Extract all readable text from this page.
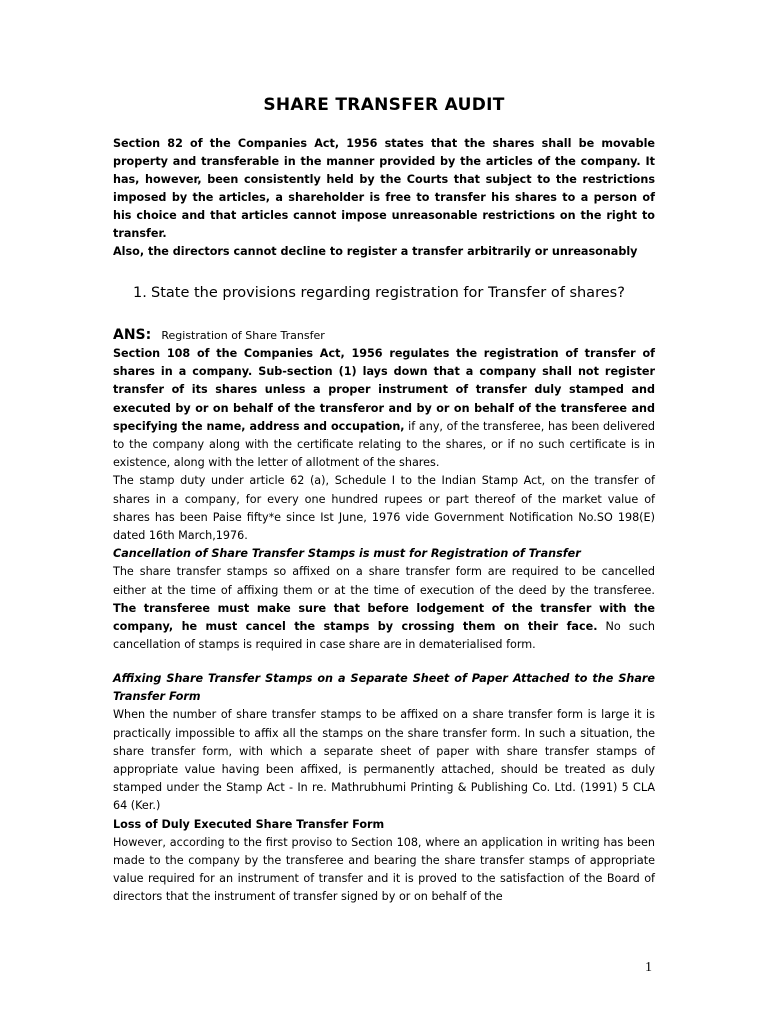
SHARE TRANSFER AUDIT

Section 82 of the Companies Act, 1956 states that the shares shall be movable property and transferable in the manner provided by the articles of the company. It has, however, been consistently held by the Courts that subject to the restrictions imposed by the articles, a shareholder is free to transfer his shares to a person of his choice and that articles cannot impose unreasonable restrictions on the right to transfer.

Also, the directors cannot decline to register a transfer arbitrarily or unreasonably

1. State the provisions regarding registration for Transfer of shares?
ANS: Registration of Share Transfer

Section 108 of the Companies Act, 1956 regulates the registration of transfer of shares in a company. Sub-section (1) lays down that a company shall not register transfer of its shares unless a proper instrument of transfer duly stamped and executed by or on behalf of the transferor and by or on behalf of the transferee and specifying the name, address and occupation, if any, of the transferee, has been delivered to the company along with the certificate relating to the shares, or if no such certificate is in existence, along with the letter of allotment of the shares.

The stamp duty under article 62 (a), Schedule I to the Indian Stamp Act, on the transfer of shares in a company, for every one hundred rupees or part thereof of the market value of shares has been Paise fifty*e since Ist June, 1976 vide Government Notification No.SO 198(E) dated 16th March,1976.

Cancellation of Share Transfer Stamps is must for Registration of Transfer

The share transfer stamps so affixed on a share transfer form are required to be cancelled either at the time of affixing them or at the time of execution of the deed by the transferee. The transferee must make sure that before lodgement of the transfer with the company, he must cancel the stamps by crossing them on their face. No such cancellation of stamps is required in case share are in dematerialised form.

Affixing Share Transfer Stamps on a Separate Sheet of Paper Attached to the Share Transfer Form

When the number of share transfer stamps to be affixed on a share transfer form is large it is practically impossible to affix all the stamps on the share transfer form. In such a situation, the share transfer form, with which a separate sheet of paper with share transfer stamps of appropriate value having been affixed, is permanently attached, should be treated as duly stamped under the Stamp Act - In re. Mathrubhumi Printing & Publishing Co. Ltd. (1991) 5 CLA 64 (Ker.)

Loss of Duly Executed Share Transfer Form

However, according to the first proviso to Section 108, where an application in writing has been made to the company by the transferee and bearing the share transfer stamps of appropriate value required for an instrument of transfer and it is proved to the satisfaction of the Board of directors that the instrument of transfer signed by or on behalf of the

1
